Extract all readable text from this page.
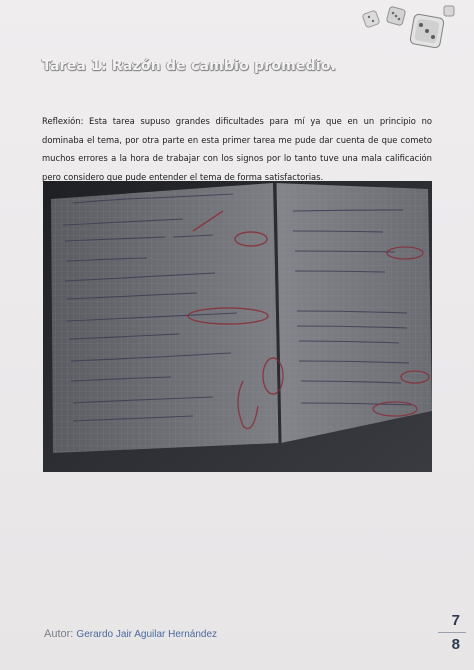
Tarea 1: Razón de cambio promedio.
Reflexión: Esta tarea supuso grandes dificultades para mí ya que en un principio no dominaba el tema, por otra parte en esta primer tarea me pude dar cuenta de que cometo muchos errores a la hora de trabajar con los signos por lo tanto tuve una mala calificación pero considero que pude entender el tema de forma satisfactorias.
Autor: Gerardo Jair Aguilar Hernández
7
8
